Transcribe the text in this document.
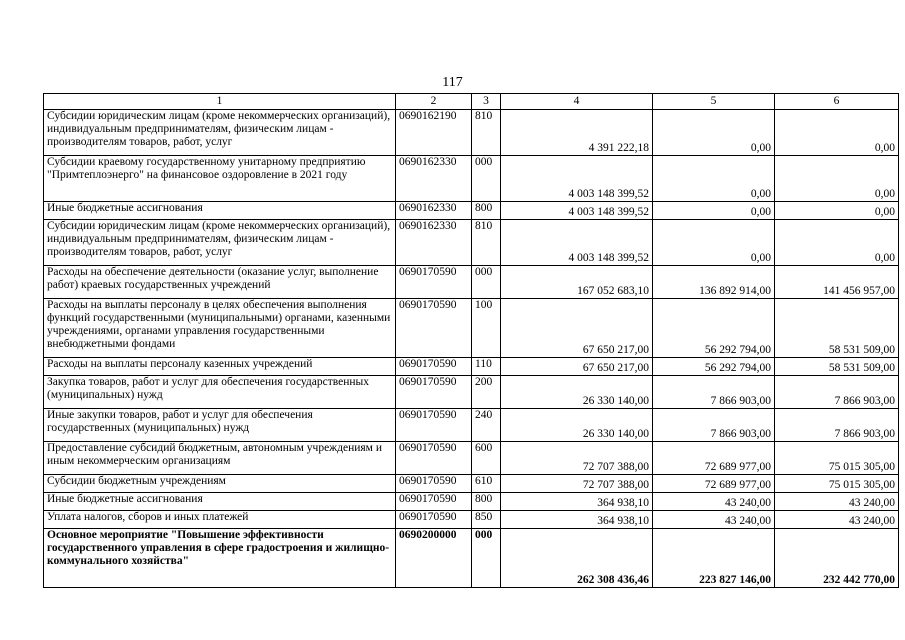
117
1	2	3	4	5	6
Субсидии юридическим лицам (кроме некоммерческих организаций), индивидуальным предпринимателям, физическим лицам - производителям товаров, работ, услуг	0690162190	810	4 391 222,18	0,00	0,00
Субсидии краевому государственному унитарному предприятию "Примтеплоэнерго" на финансовое оздоровление в 2021 году	0690162330	000	4 003 148 399,52	0,00	0,00
Иные бюджетные ассигнования	0690162330	800	4 003 148 399,52	0,00	0,00
Субсидии юридическим лицам (кроме некоммерческих организаций), индивидуальным предпринимателям, физическим лицам - производителям товаров, работ, услуг	0690162330	810	4 003 148 399,52	0,00	0,00
Расходы на обеспечение деятельности (оказание услуг, выполнение работ) краевых государственных учреждений	0690170590	000	167 052 683,10	136 892 914,00	141 456 957,00
Расходы на выплаты персоналу в целях обеспечения выполнения функций государственными (муниципальными) органами, казенными учреждениями, органами управления государственными внебюджетными фондами	0690170590	100	67 650 217,00	56 292 794,00	58 531 509,00
Расходы на выплаты персоналу казенных учреждений	0690170590	110	67 650 217,00	56 292 794,00	58 531 509,00
Закупка товаров, работ и услуг для обеспечения государственных (муниципальных) нужд	0690170590	200	26 330 140,00	7 866 903,00	7 866 903,00
Иные закупки товаров, работ и услуг для обеспечения государственных (муниципальных) нужд	0690170590	240	26 330 140,00	7 866 903,00	7 866 903,00
Предоставление субсидий бюджетным, автономным учреждениям и иным некоммерческим организациям	0690170590	600	72 707 388,00	72 689 977,00	75 015 305,00
Субсидии бюджетным учреждениям	0690170590	610	72 707 388,00	72 689 977,00	75 015 305,00
Иные бюджетные ассигнования	0690170590	800	364 938,10	43 240,00	43 240,00
Уплата налогов, сборов и иных платежей	0690170590	850	364 938,10	43 240,00	43 240,00
Основное мероприятие "Повышение эффективности государственного управления в сфере градостроения и жилищно-коммунального хозяйства"	0690200000	000	262 308 436,46	223 827 146,00	232 442 770,00
